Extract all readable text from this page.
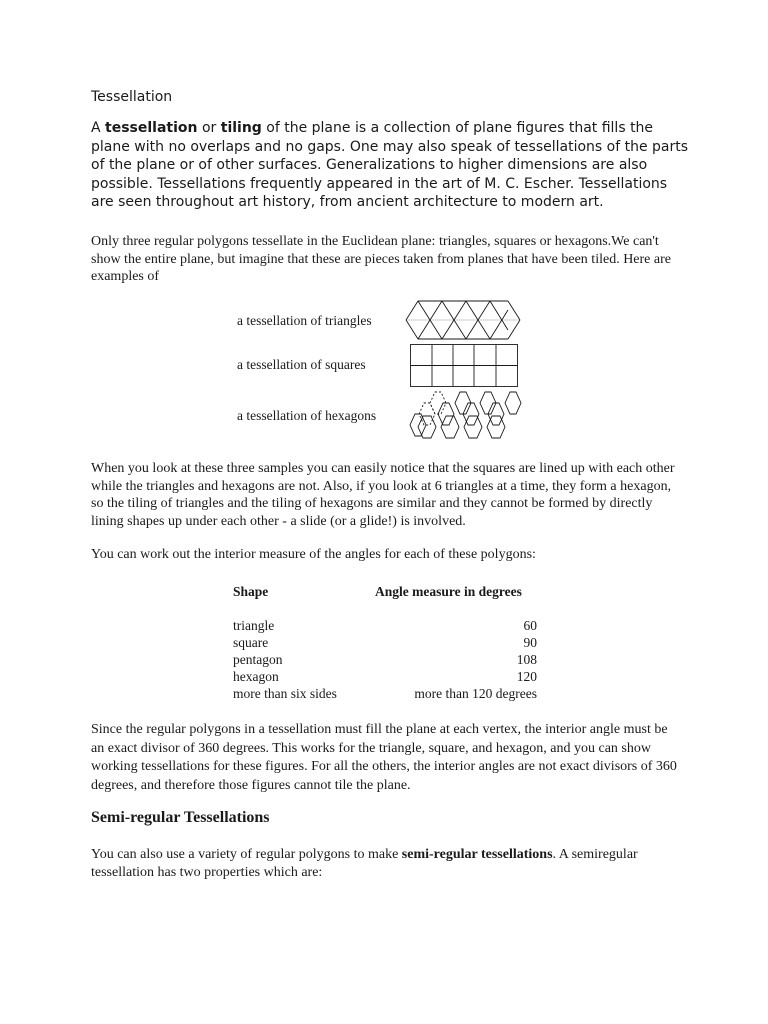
Tessellation
A tessellation or tiling of the plane is a collection of plane figures that fills the plane with no overlaps and no gaps. One may also speak of tessellations of the parts of the plane or of other surfaces. Generalizations to higher dimensions are also possible. Tessellations frequently appeared in the art of M. C. Escher. Tessellations are seen throughout art history, from ancient architecture to modern art.
Only three regular polygons tessellate in the Euclidean plane: triangles, squares or hexagons.We can't show the entire plane, but imagine that these are pieces taken from planes that have been tiled. Here are examples of
a tessellation of triangles
a tessellation of squares
a tessellation of hexagons
When you look at these three samples you can easily notice that the squares are lined up with each other while the triangles and hexagons are not. Also, if you look at 6 triangles at a time, they form a hexagon, so the tiling of triangles and the tiling of hexagons are similar and they cannot be formed by directly lining shapes up under each other - a slide (or a glide!) is involved.
You can work out the interior measure of the angles for each of these polygons:
Shape	Angle measure in degrees
triangle	60
square	90
pentagon	108
hexagon	120
more than six sides	more than 120 degrees
Since the regular polygons in a tessellation must fill the plane at each vertex, the interior angle must be an exact divisor of 360 degrees. This works for the triangle, square, and hexagon, and you can show working tessellations for these figures. For all the others, the interior angles are not exact divisors of 360 degrees, and therefore those figures cannot tile the plane.
Semi-regular Tessellations
You can also use a variety of regular polygons to make semi-regular tessellations. A semiregular tessellation has two properties which are:
